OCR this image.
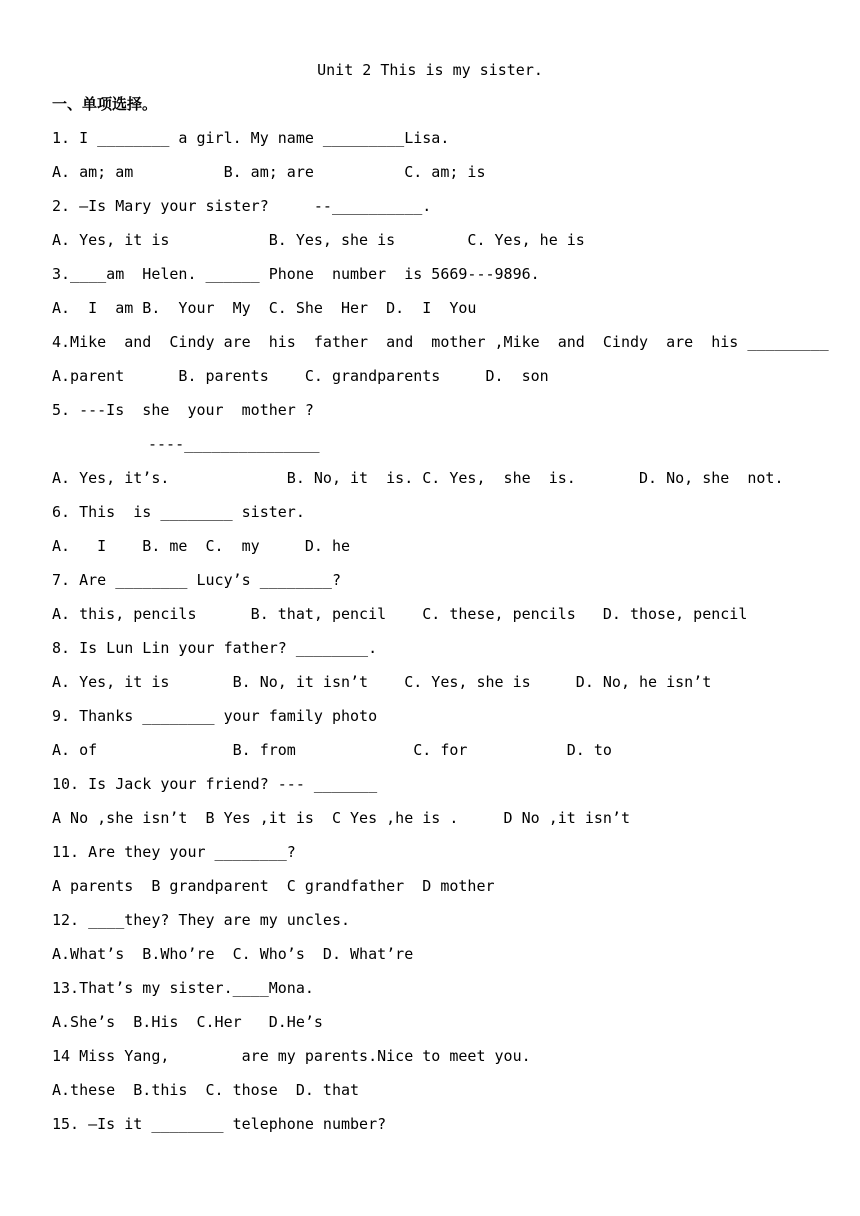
Unit 2 This is my sister.
一、单项选择。
1. I ________ a girl. My name _________Lisa.
A. am; am          B. am; are          C. am; is
2. –Is Mary your sister?     --__________.
A. Yes, it is           B. Yes, she is        C. Yes, he is
3.____am  Helen. ______ Phone  number  is 5669---9896.
A.  I  am B.  Your  My  C. She  Her  D.  I  You
4.Mike  and  Cindy are  his  father  and  mother ,Mike  and  Cindy  are  his _________
A.parent      B. parents    C. grandparents     D.  son
5. ---Is  she  your  mother ?
----_______________
A. Yes, it’s.             B. No, it  is. C. Yes,  she  is.       D. No, she  not.
6. This  is ________ sister.
A.   I    B. me  C.  my     D. he
7. Are ________ Lucy’s ________?
A. this, pencils      B. that, pencil    C. these, pencils   D. those, pencil
8. Is Lun Lin your father? ________.
A. Yes, it is       B. No, it isn’t    C. Yes, she is     D. No, he isn’t
9. Thanks ________ your family photo
A. of               B. from             C. for           D. to
10. Is Jack your friend? --- _______
A No ,she isn’t  B Yes ,it is  C Yes ,he is .     D No ,it isn’t
11. Are they your ________?
A parents  B grandparent  C grandfather  D mother
12. ____they? They are my uncles.
A.What’s  B.Who’re  C. Who’s  D. What’re
13.That’s my sister.____Mona.
A.She’s  B.His  C.Her   D.He’s
14 Miss Yang,        are my parents.Nice to meet you.
A.these  B.this  C. those  D. that
15. —Is it ________ telephone number?
